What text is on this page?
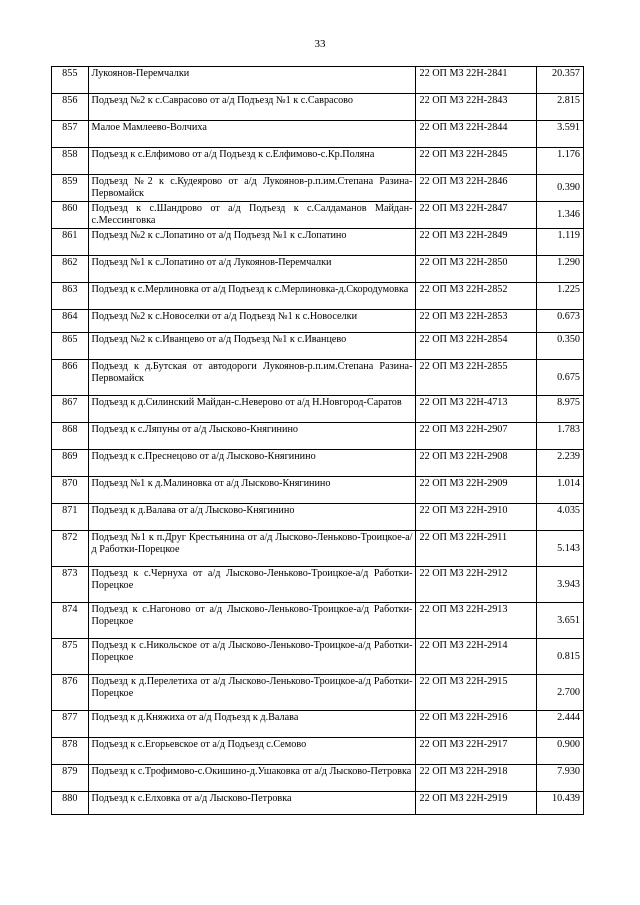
33
855	Лукоянов-Перемчалки	22 ОП МЗ 22Н-2841	20.357
856	Подъезд №2 к с.Саврасово от а/д Подъезд №1 к с.Саврасово	22 ОП МЗ 22Н-2843	2.815
857	Малое Мамлеево-Волчиха	22 ОП МЗ 22Н-2844	3.591
858	Подъезд к с.Елфимово от а/д Подъезд к с.Елфимово-с.Кр.Поляна	22 ОП МЗ 22Н-2845	1.176
859	Подъезд №2 к с.Кудеярово от а/д Лукоянов-р.п.им.Степана Разина-Первомайск	22 ОП МЗ 22Н-2846	0.390
860	Подъезд к с.Шандрово от а/д Подъезд к с.Салдаманов Майдан-с.Мессинговка	22 ОП МЗ 22Н-2847	1.346
861	Подъезд №2 к с.Лопатино от а/д Подъезд №1 к с.Лопатино	22 ОП МЗ 22Н-2849	1.119
862	Подъезд №1 к с.Лопатино от а/д Лукоянов-Перемчалки	22 ОП МЗ 22Н-2850	1.290
863	Подъезд к с.Мерлиновка от а/д Подъезд к с.Мерлиновка-д.Скородумовка	22 ОП МЗ 22Н-2852	1.225
864	Подъезд №2 к с.Новоселки от а/д Подъезд №1 к с.Новоселки	22 ОП МЗ 22Н-2853	0.673
865	Подъезд №2 к с.Иванцево от а/д Подъезд №1 к с.Иванцево	22 ОП МЗ 22Н-2854	0.350
866	Подъезд к д.Бутская от автодороги Лукоянов-р.п.им.Степана Разина-Первомайск	22 ОП МЗ 22Н-2855	0.675
867	Подъезд к д.Силинский Майдан-с.Неверово от а/д Н.Новгород-Саратов	22 ОП МЗ 22Н-4713	8.975
868	Подъезд к с.Ляпуны от а/д Лысково-Княгинино	22 ОП МЗ 22Н-2907	1.783
869	Подъезд к с.Преснецово от а/д Лысково-Княгинино	22 ОП МЗ 22Н-2908	2.239
870	Подъезд №1 к д.Малиновка от а/д Лысково-Княгинино	22 ОП МЗ 22Н-2909	1.014
871	Подъезд к д.Валава от а/д Лысково-Княгинино	22 ОП МЗ 22Н-2910	4.035
872	Подъезд №1 к п.Друг Крестьянина от а/д Лысково-Леньково-Троицкое-а/д Работки-Порецкое	22 ОП МЗ 22Н-2911	5.143
873	Подъезд к с.Чернуха от а/д Лысково-Леньково-Троицкое-а/д Работки-Порецкое	22 ОП МЗ 22Н-2912	3.943
874	Подъезд к с.Нагоново от а/д Лысково-Леньково-Троицкое-а/д Работки-Порецкое	22 ОП МЗ 22Н-2913	3.651
875	Подъезд к с.Никольское от а/д Лысково-Леньково-Троицкое-а/д Работки-Порецкое	22 ОП МЗ 22Н-2914	0.815
876	Подъезд к д.Перелетиха от а/д Лысково-Леньково-Троицкое-а/д Работки-Порецкое	22 ОП МЗ 22Н-2915	2.700
877	Подъезд к д.Княжиха от а/д Подъезд к д.Валава	22 ОП МЗ 22Н-2916	2.444
878	Подъезд к с.Егорьевское от а/д Подъезд с.Семово	22 ОП МЗ 22Н-2917	0.900
879	Подъезд к с.Трофимово-с.Окишино-д.Ушаковка от а/д Лысково-Петровка	22 ОП МЗ 22Н-2918	7.930
880	Подъезд к с.Елховка от а/д Лысково-Петровка	22 ОП МЗ 22Н-2919	10.439
